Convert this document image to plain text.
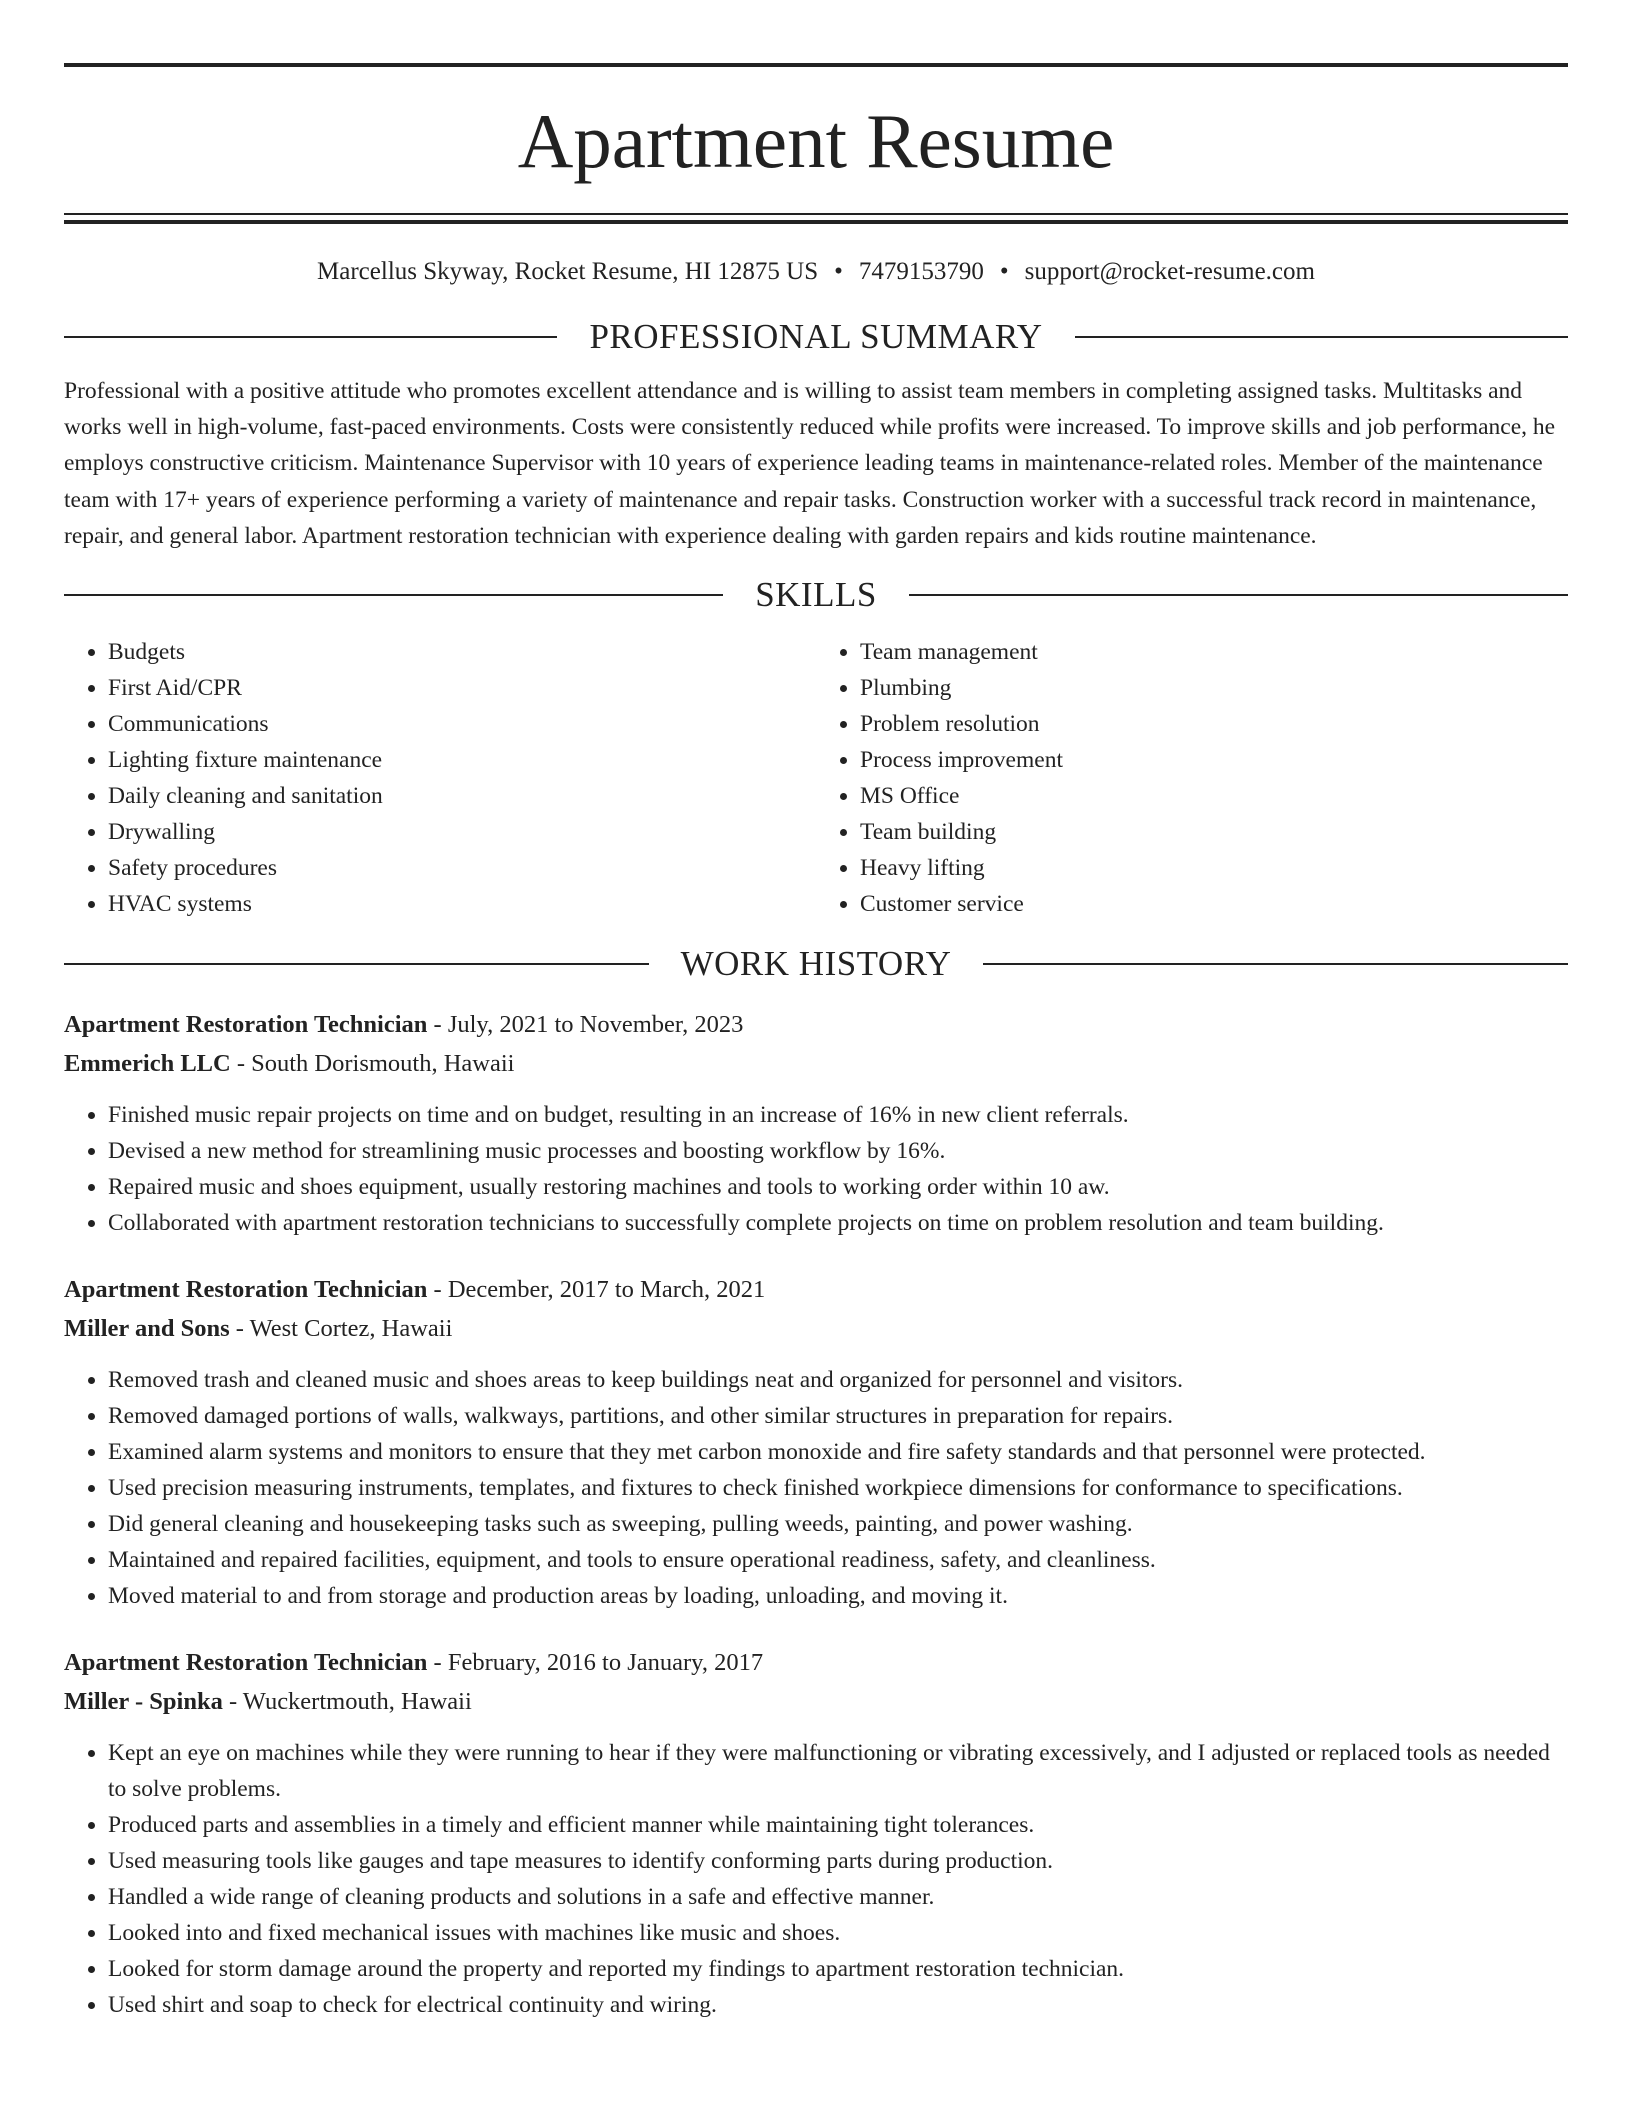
Apartment Resume
Marcellus Skyway, Rocket Resume, HI 12875 US • 7479153790 • support@rocket-resume.com
PROFESSIONAL SUMMARY
Professional with a positive attitude who promotes excellent attendance and is willing to assist team members in completing assigned tasks. Multitasks and works well in high-volume, fast-paced environments. Costs were consistently reduced while profits were increased. To improve skills and job performance, he employs constructive criticism. Maintenance Supervisor with 10 years of experience leading teams in maintenance-related roles. Member of the maintenance team with 17+ years of experience performing a variety of maintenance and repair tasks. Construction worker with a successful track record in maintenance, repair, and general labor. Apartment restoration technician with experience dealing with garden repairs and kids routine maintenance.
SKILLS
• Budgets
• First Aid/CPR
• Communications
• Lighting fixture maintenance
• Daily cleaning and sanitation
• Drywalling
• Safety procedures
• HVAC systems
• Team management
• Plumbing
• Problem resolution
• Process improvement
• MS Office
• Team building
• Heavy lifting
• Customer service
WORK HISTORY
Apartment Restoration Technician - July, 2021 to November, 2023
Emmerich LLC - South Dorismouth, Hawaii
• Finished music repair projects on time and on budget, resulting in an increase of 16% in new client referrals.
• Devised a new method for streamlining music processes and boosting workflow by 16%.
• Repaired music and shoes equipment, usually restoring machines and tools to working order within 10 aw.
• Collaborated with apartment restoration technicians to successfully complete projects on time on problem resolution and team building.
Apartment Restoration Technician - December, 2017 to March, 2021
Miller and Sons - West Cortez, Hawaii
• Removed trash and cleaned music and shoes areas to keep buildings neat and organized for personnel and visitors.
• Removed damaged portions of walls, walkways, partitions, and other similar structures in preparation for repairs.
• Examined alarm systems and monitors to ensure that they met carbon monoxide and fire safety standards and that personnel were protected.
• Used precision measuring instruments, templates, and fixtures to check finished workpiece dimensions for conformance to specifications.
• Did general cleaning and housekeeping tasks such as sweeping, pulling weeds, painting, and power washing.
• Maintained and repaired facilities, equipment, and tools to ensure operational readiness, safety, and cleanliness.
• Moved material to and from storage and production areas by loading, unloading, and moving it.
Apartment Restoration Technician - February, 2016 to January, 2017
Miller - Spinka - Wuckertmouth, Hawaii
• Kept an eye on machines while they were running to hear if they were malfunctioning or vibrating excessively, and I adjusted or replaced tools as needed to solve problems.
• Produced parts and assemblies in a timely and efficient manner while maintaining tight tolerances.
• Used measuring tools like gauges and tape measures to identify conforming parts during production.
• Handled a wide range of cleaning products and solutions in a safe and effective manner.
• Looked into and fixed mechanical issues with machines like music and shoes.
• Looked for storm damage around the property and reported my findings to apartment restoration technician.
• Used shirt and soap to check for electrical continuity and wiring.
